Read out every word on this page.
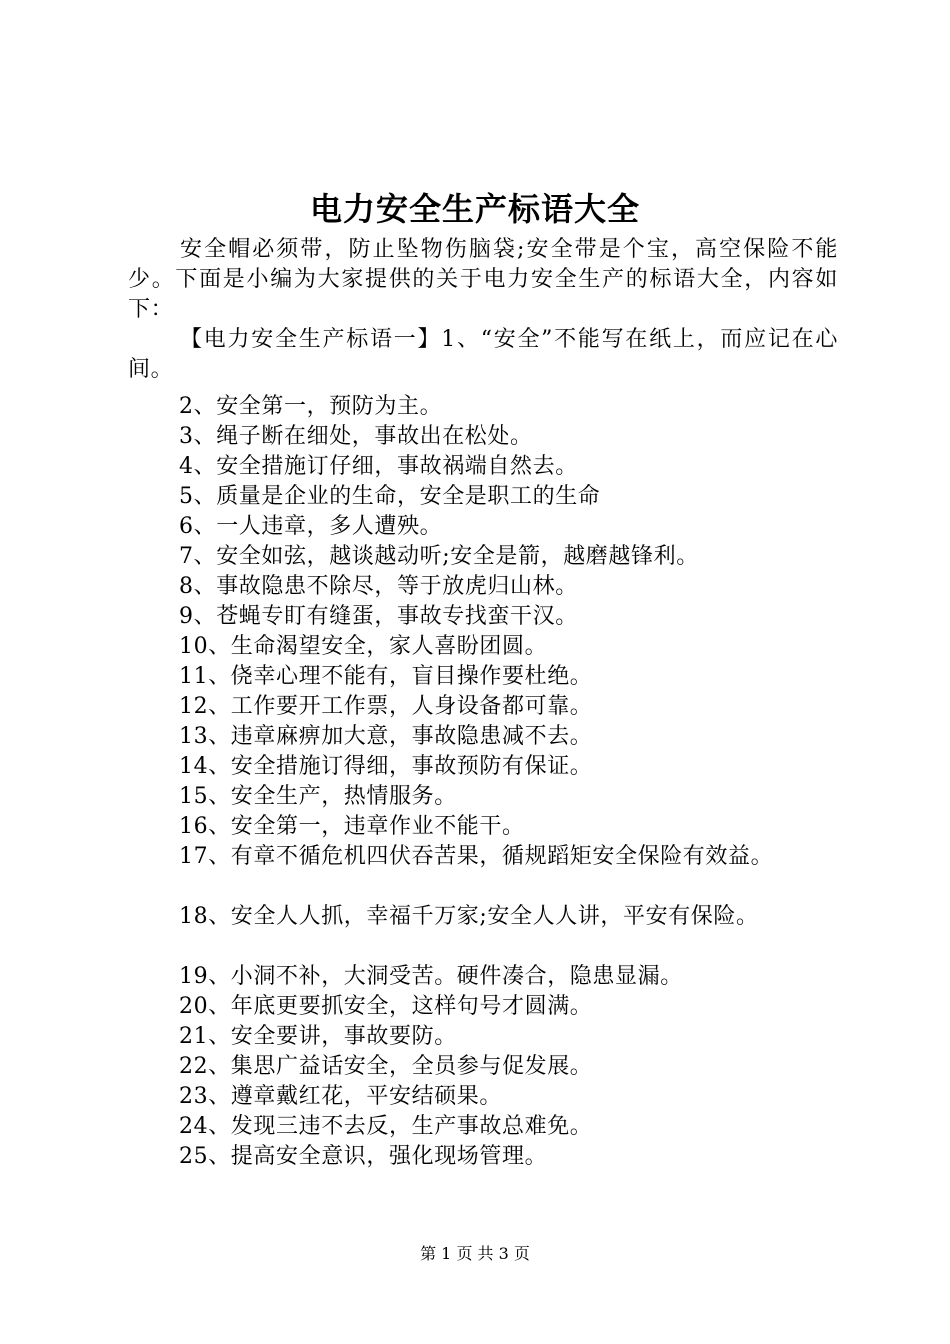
电力安全生产标语大全

安全帽必须带，防止坠物伤脑袋;安全带是个宝，高空保险不能少。下面是小编为大家提供的关于电力安全生产的标语大全，内容如下：

【电力安全生产标语一】1、“安全”不能写在纸上，而应记在心间。

2、安全第一，预防为主。
3、绳子断在细处，事故出在松处。
4、安全措施订仔细，事故祸端自然去。
5、质量是企业的生命，安全是职工的生命
6、一人违章，多人遭殃。
7、安全如弦，越谈越动听;安全是箭，越磨越锋利。
8、事故隐患不除尽，等于放虎归山林。
9、苍蝇专盯有缝蛋，事故专找蛮干汉。
10、生命渴望安全，家人喜盼团圆。
11、侥幸心理不能有，盲目操作要杜绝。
12、工作要开工作票，人身设备都可靠。
13、违章麻痹加大意，事故隐患减不去。
14、安全措施订得细，事故预防有保证。
15、安全生产，热情服务。
16、安全第一，违章作业不能干。
17、有章不循危机四伏吞苦果，循规蹈矩安全保险有效益。
18、安全人人抓，幸福千万家;安全人人讲，平安有保险。
19、小洞不补，大洞受苦。硬件凑合，隐患显漏。
20、年底更要抓安全，这样句号才圆满。
21、安全要讲，事故要防。
22、集思广益话安全，全员参与促发展。
23、遵章戴红花，平安结硕果。
24、发现三违不去反，生产事故总难免。
25、提高安全意识，强化现场管理。
第 1 页 共 3 页
